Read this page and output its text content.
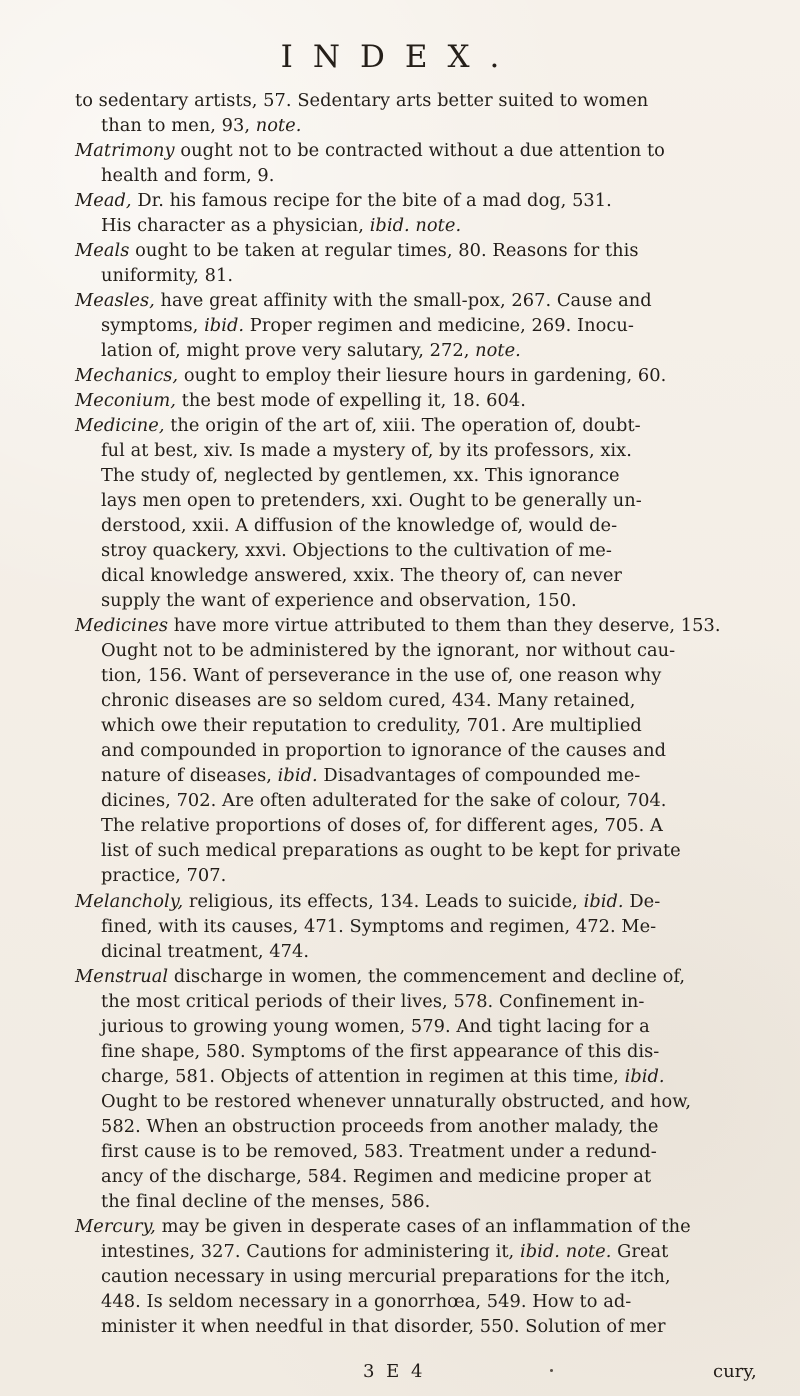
INDEX.
to sedentary artists, 57. Sedentary arts better suited to women
than to men, 93, note.
Matrimony ought not to be contracted without a due attention to
health and form, 9.
Mead, Dr. his famous recipe for the bite of a mad dog, 531.
His character as a physician, ibid. note.
Meals ought to be taken at regular times, 80. Reasons for this
uniformity, 81.
Measles, have great affinity with the small-pox, 267. Cause and
symptoms, ibid. Proper regimen and medicine, 269. Inocu-
lation of, might prove very salutary, 272, note.
Mechanics, ought to employ their liesure hours in gardening, 60.
Meconium, the best mode of expelling it, 18. 604.
Medicine, the origin of the art of, xiii. The operation of, doubt-
ful at best, xiv. Is made a mystery of, by its professors, xix.
The study of, neglected by gentlemen, xx. This ignorance
lays men open to pretenders, xxi. Ought to be generally un-
derstood, xxii. A diffusion of the knowledge of, would de-
stroy quackery, xxvi. Objections to the cultivation of me-
dical knowledge answered, xxix. The theory of, can never
supply the want of experience and observation, 150.
Medicines have more virtue attributed to them than they deserve, 153.
Ought not to be administered by the ignorant, nor without cau-
tion, 156. Want of perseverance in the use of, one reason why
chronic diseases are so seldom cured, 434. Many retained,
which owe their reputation to credulity, 701. Are multiplied
and compounded in proportion to ignorance of the causes and
nature of diseases, ibid. Disadvantages of compounded me-
dicines, 702. Are often adulterated for the sake of colour, 704.
The relative proportions of doses of, for different ages, 705. A
list of such medical preparations as ought to be kept for private
practice, 707.
Melancholy, religious, its effects, 134. Leads to suicide, ibid. De-
fined, with its causes, 471. Symptoms and regimen, 472. Me-
dicinal treatment, 474.
Menstrual discharge in women, the commencement and decline of,
the most critical periods of their lives, 578. Confinement in-
jurious to growing young women, 579. And tight lacing for a
fine shape, 580. Symptoms of the first appearance of this dis-
charge, 581. Objects of attention in regimen at this time, ibid.
Ought to be restored whenever unnaturally obstructed, and how,
582. When an obstruction proceeds from another malady, the
first cause is to be removed, 583. Treatment under a redund-
ancy of the discharge, 584. Regimen and medicine proper at
the final decline of the menses, 586.
Mercury, may be given in desperate cases of an inflammation of the
intestines, 327. Cautions for administering it, ibid. note. Great
caution necessary in using mercurial preparations for the itch,
448. Is seldom necessary in a gonorrhœa, 549. How to ad-
minister it when needful in that disorder, 550. Solution of mer
3 E 4	cury,
